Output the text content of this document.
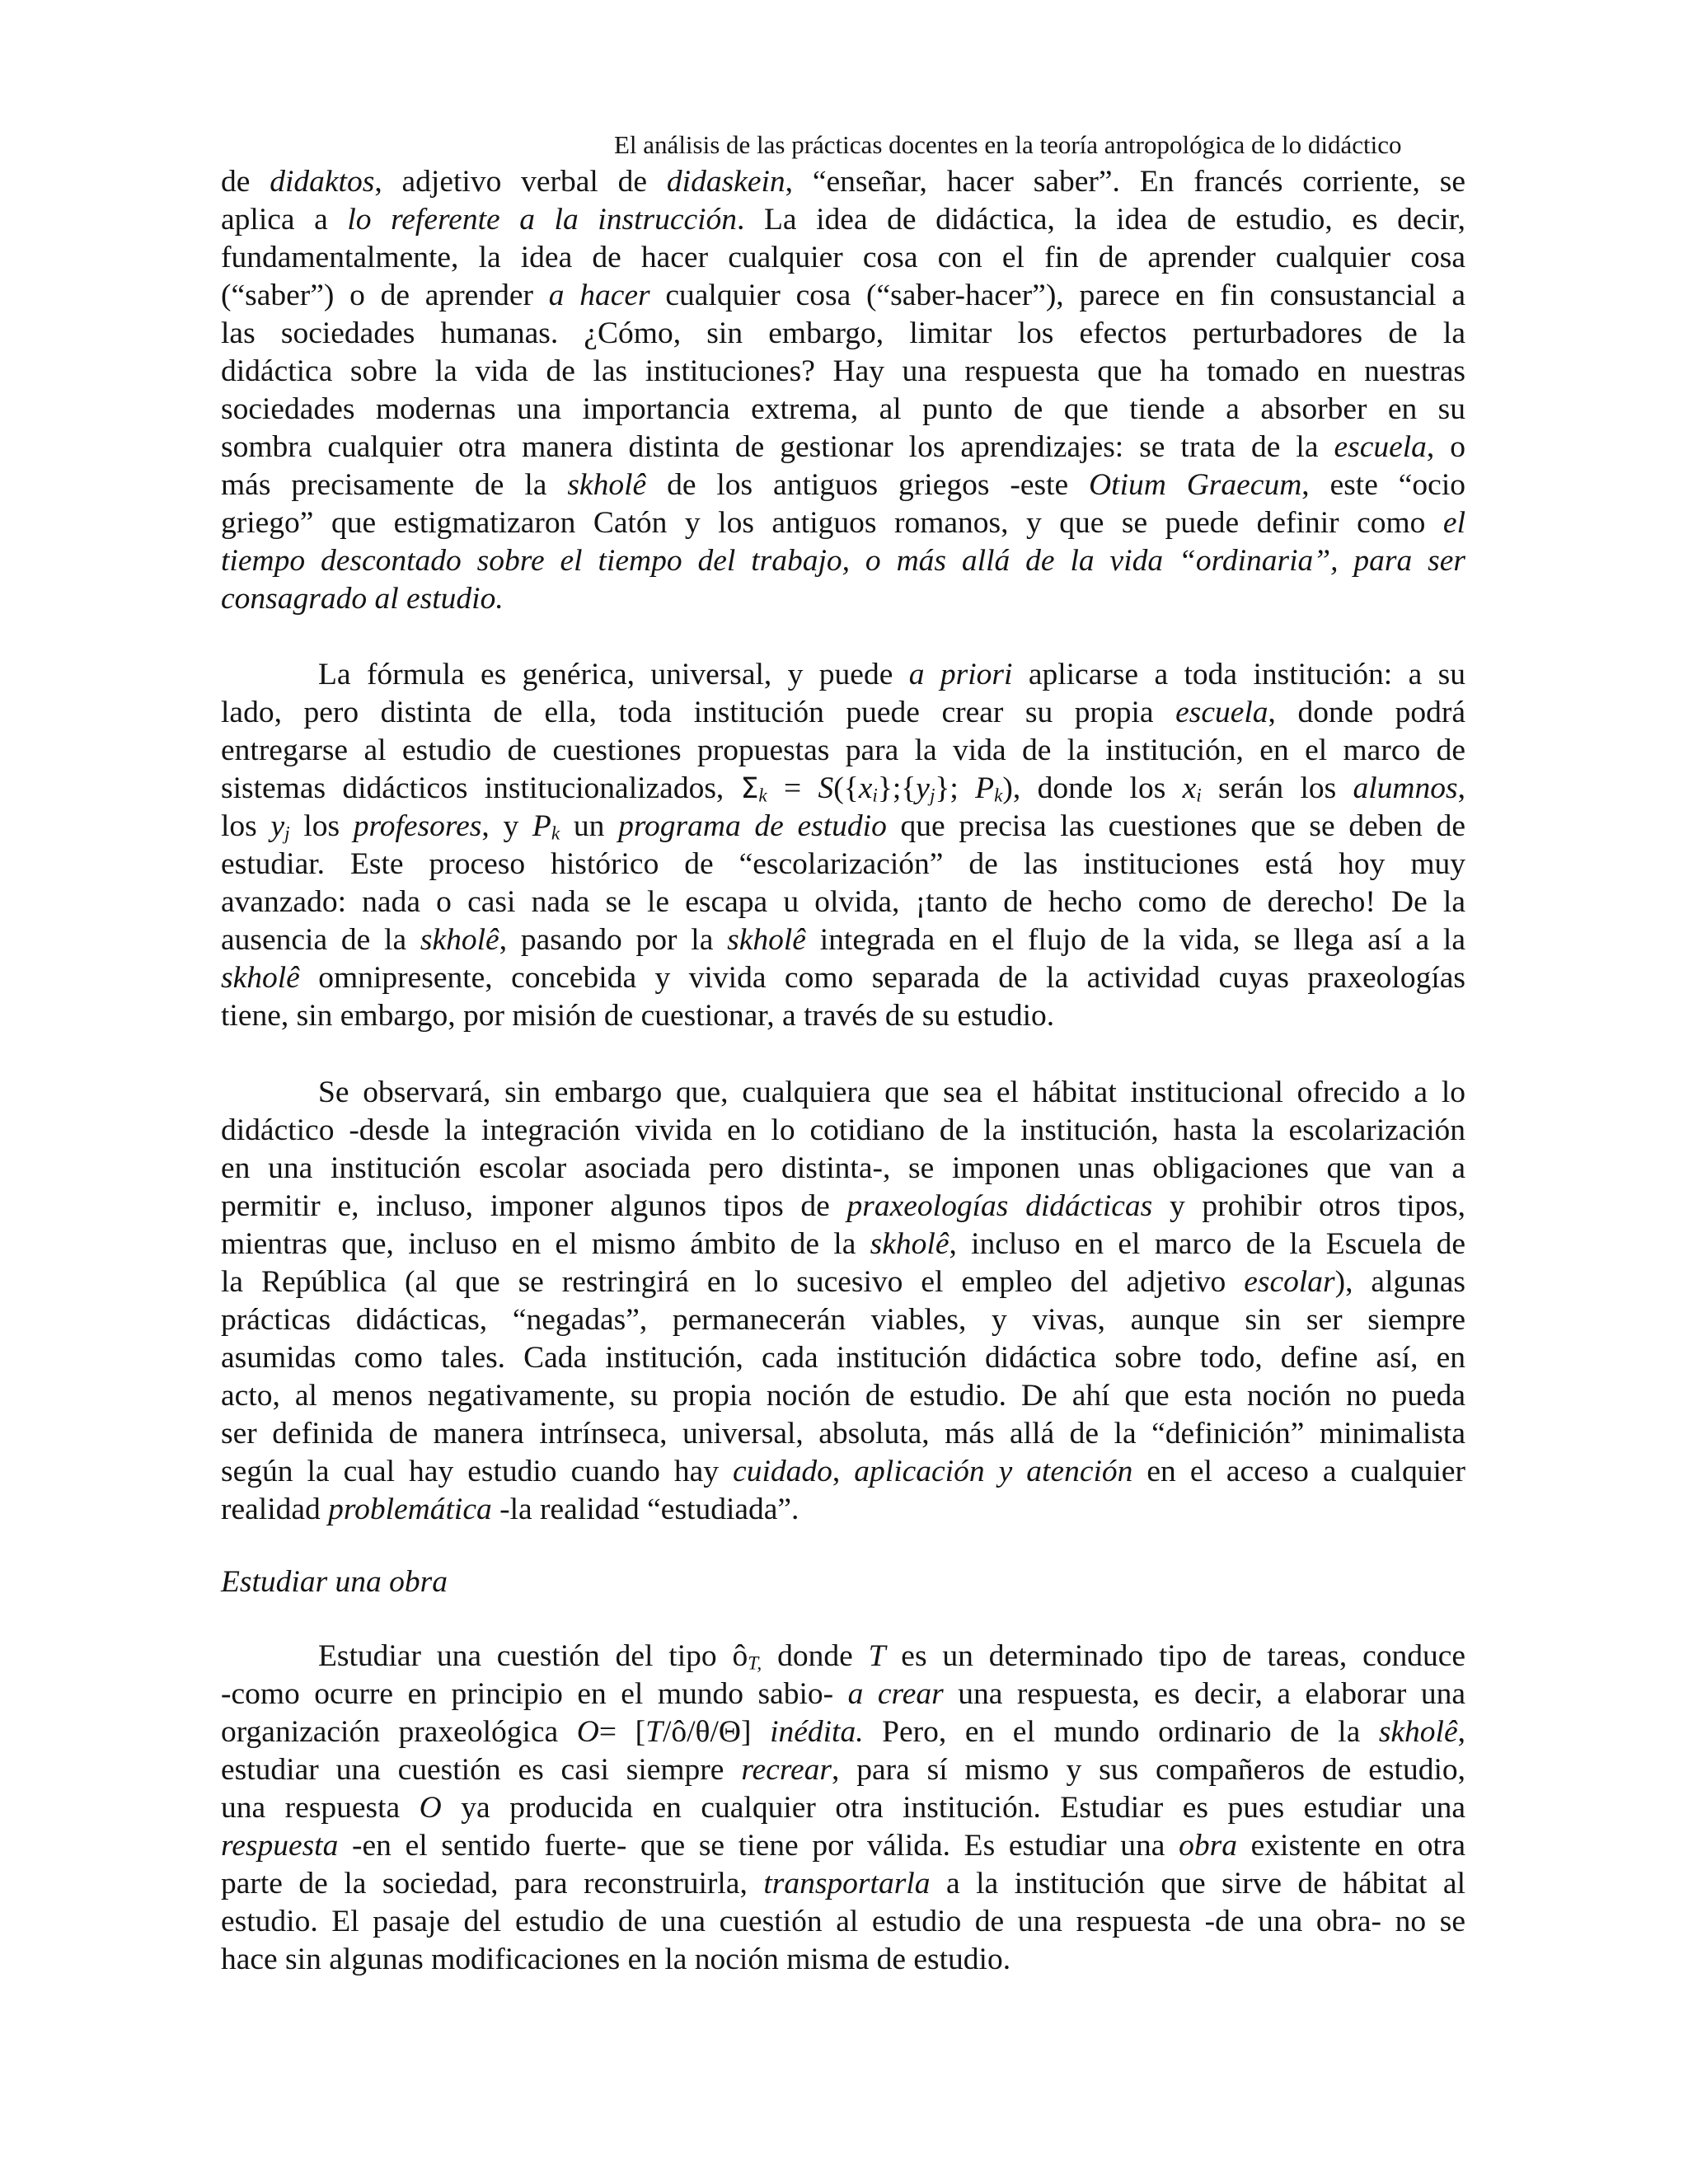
El análisis de las prácticas docentes en la teoría antropológica de lo didáctico
de didaktos, adjetivo verbal de didaskein, “enseñar, hacer saber”. En francés corriente, se
aplica a lo referente a la instrucción. La idea de didáctica, la idea de estudio, es decir,
fundamentalmente, la idea de hacer cualquier cosa con el fin de aprender cualquier cosa
(“saber”) o de aprender a hacer cualquier cosa (“saber-hacer”), parece en fin consustancial a
las sociedades humanas. ¿Cómo, sin embargo, limitar los efectos perturbadores de la
didáctica sobre la vida de las instituciones? Hay una respuesta que ha tomado en nuestras
sociedades modernas una importancia extrema, al punto de que tiende a absorber en su
sombra cualquier otra manera distinta de gestionar los aprendizajes: se trata de la escuela, o
más precisamente de la skholê de los antiguos griegos -este Otium Graecum, este “ocio
griego” que estigmatizaron Catón y los antiguos romanos, y que se puede definir como el
tiempo descontado sobre el tiempo del trabajo, o más allá de la vida “ordinaria”, para ser
consagrado al estudio.
La fórmula es genérica, universal, y puede a priori aplicarse a toda institución: a su
lado, pero distinta de ella, toda institución puede crear su propia escuela, donde podrá
entregarse al estudio de cuestiones propuestas para la vida de la institución, en el marco de
sistemas didácticos institucionalizados, $\Sigma_k$ = $S(\{x_i\};\{y_j\}$; $P_k$), donde los $x_i$ serán los alumnos,
los $y_j$ los profesores, y $P_k$ un programa de estudio que precisa las cuestiones que se deben de
estudiar. Este proceso histórico de “escolarización” de las instituciones está hoy muy
avanzado: nada o casi nada se le escapa u olvida, ¡tanto de hecho como de derecho! De la
ausencia de la skholê, pasando por la skholê integrada en el flujo de la vida, se llega así a la
skholê omnipresente, concebida y vivida como separada de la actividad cuyas praxeologías
tiene, sin embargo, por misión de cuestionar, a través de su estudio.
Se observará, sin embargo que, cualquiera que sea el hábitat institucional ofrecido a lo
didáctico -desde la integración vivida en lo cotidiano de la institución, hasta la escolarización
en una institución escolar asociada pero distinta-, se imponen unas obligaciones que van a
permitir e, incluso, imponer algunos tipos de praxeologías didácticas y prohibir otros tipos,
mientras que, incluso en el mismo ámbito de la skholê, incluso en el marco de la Escuela de
la República (al que se restringirá en lo sucesivo el empleo del adjetivo escolar), algunas
prácticas didácticas, “negadas”, permanecerán viables, y vivas, aunque sin ser siempre
asumidas como tales. Cada institución, cada institución didáctica sobre todo, define así, en
acto, al menos negativamente, su propia noción de estudio. De ahí que esta noción no pueda
ser definida de manera intrínseca, universal, absoluta, más allá de la “definición” minimalista
según la cual hay estudio cuando hay cuidado, aplicación y atención en el acceso a cualquier
realidad problemática -la realidad “estudiada”.
Estudiar una cuestión del tipo $ô_{T,}$ donde T es un determinado tipo de tareas, conduce
-como ocurre en principio en el mundo sabio- a crear una respuesta, es decir, a elaborar una
organización praxeológica O= [T/ô/θ/Θ] inédita. Pero, en el mundo ordinario de la skholê,
estudiar una cuestión es casi siempre recrear, para sí mismo y sus compañeros de estudio,
una respuesta O ya producida en cualquier otra institución. Estudiar es pues estudiar una
respuesta -en el sentido fuerte- que se tiene por válida. Es estudiar una obra existente en otra
parte de la sociedad, para reconstruirla, transportarla a la institución que sirve de hábitat al
estudio. El pasaje del estudio de una cuestión al estudio de una respuesta -de una obra- no se
hace sin algunas modificaciones en la noción misma de estudio.
Estudiar una obra
